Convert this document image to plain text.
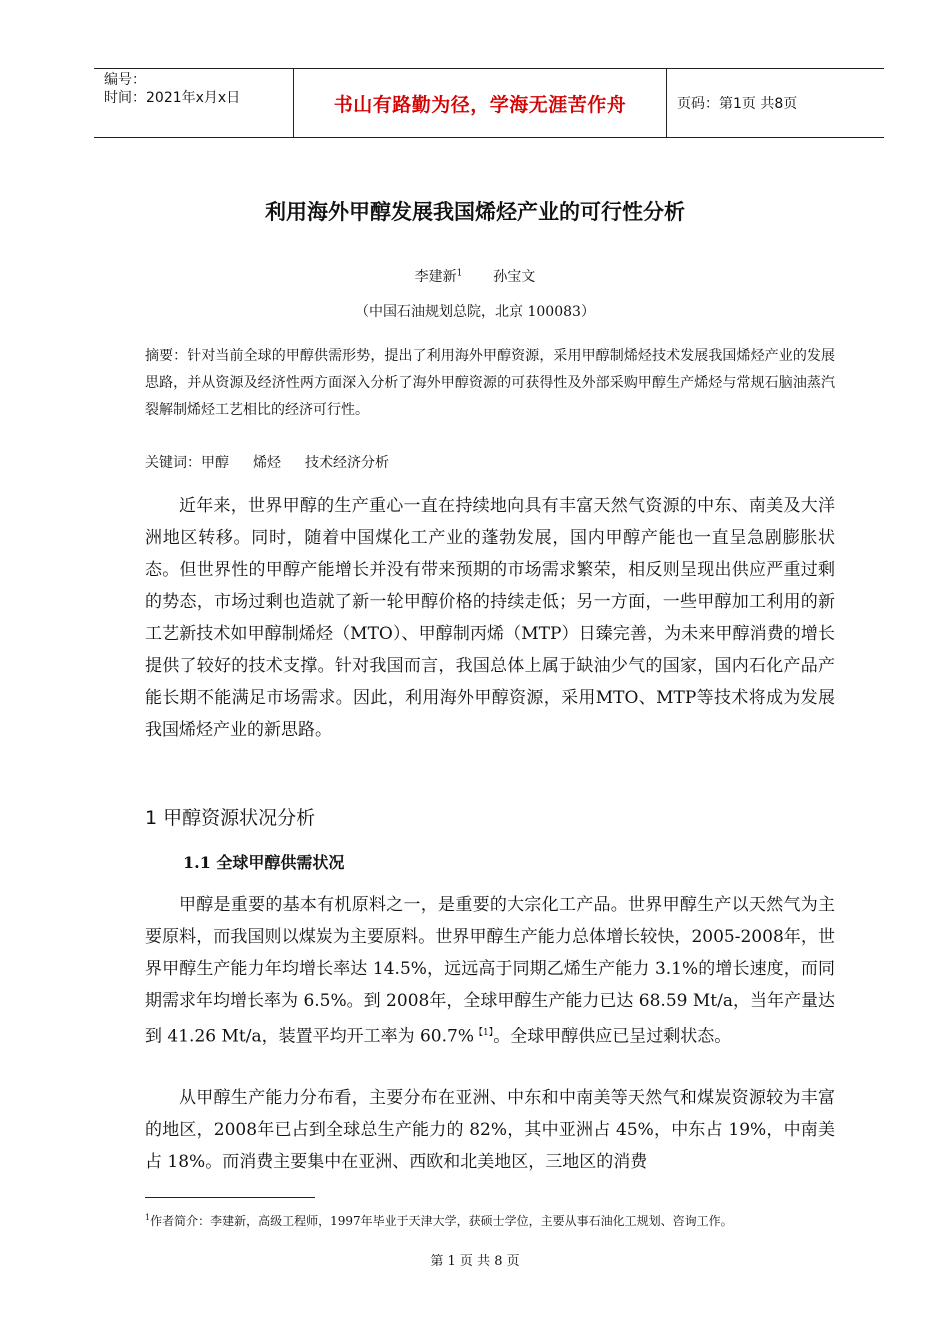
编号：
时间：2021年x月x日	书山有路勤为径，学海无涯苦作舟	页码：第1页 共8页
利用海外甲醇发展我国烯烃产业的可行性分析
李建新$^1$ 孙宝文
（中国石油规划总院，北京 100083）
摘要：针对当前全球的甲醇供需形势，提出了利用海外甲醇资源，采用甲醇制烯烃技术发展我国烯烃产业的发展思路，并从资源及经济性两方面深入分析了海外甲醇资源的可获得性及外部采购甲醇生产烯烃与常规石脑油蒸汽裂解制烯烃工艺相比的经济可行性。
关键词：甲醇 烯烃 技术经济分析

近年来，世界甲醇的生产重心一直在持续地向具有丰富天然气资源的中东、南美及大洋洲地区转移。同时，随着中国煤化工产业的蓬勃发展，国内甲醇产能也一直呈急剧膨胀状态。但世界性的甲醇产能增长并没有带来预期的市场需求繁荣，相反则呈现出供应严重过剩的势态，市场过剩也造就了新一轮甲醇价格的持续走低；另一方面，一些甲醇加工利用的新工艺新技术如甲醇制烯烃（MTO）、甲醇制丙烯（MTP）日臻完善，为未来甲醇消费的增长提供了较好的技术支撑。针对我国而言，我国总体上属于缺油少气的国家，国内石化产品产能长期不能满足市场需求。因此，利用海外甲醇资源，采用MTO、MTP等技术将成为发展我国烯烃产业的新思路。

1 甲醇资源状况分析
1.1 全球甲醇供需状况

甲醇是重要的基本有机原料之一，是重要的大宗化工产品。世界甲醇生产以天然气为主要原料，而我国则以煤炭为主要原料。世界甲醇生产能力总体增长较快，2005-2008年，世界甲醇生产能力年均增长率达 14.5%，远远高于同期乙烯生产能力 3.1%的增长速度，而同期需求年均增长率为 6.5%。到 2008年，全球甲醇生产能力已达 68.59 Mt/a，当年产量达到 41.26 Mt/a，装置平均开工率为 60.7%$^{【1】}$。全球甲醇供应已呈过剩状态。

从甲醇生产能力分布看，主要分布在亚洲、中东和中南美等天然气和煤炭资源较为丰富的地区，2008年已占到全球总生产能力的 82%，其中亚洲占 45%，中东占 19%，中南美占 18%。而消费主要集中在亚洲、西欧和北美地区，三地区的消费

$^1$作者简介：李建新，高级工程师，1997年毕业于天津大学，获硕士学位，主要从事石油化工规划、咨询工作。
第 1 页 共 8 页
